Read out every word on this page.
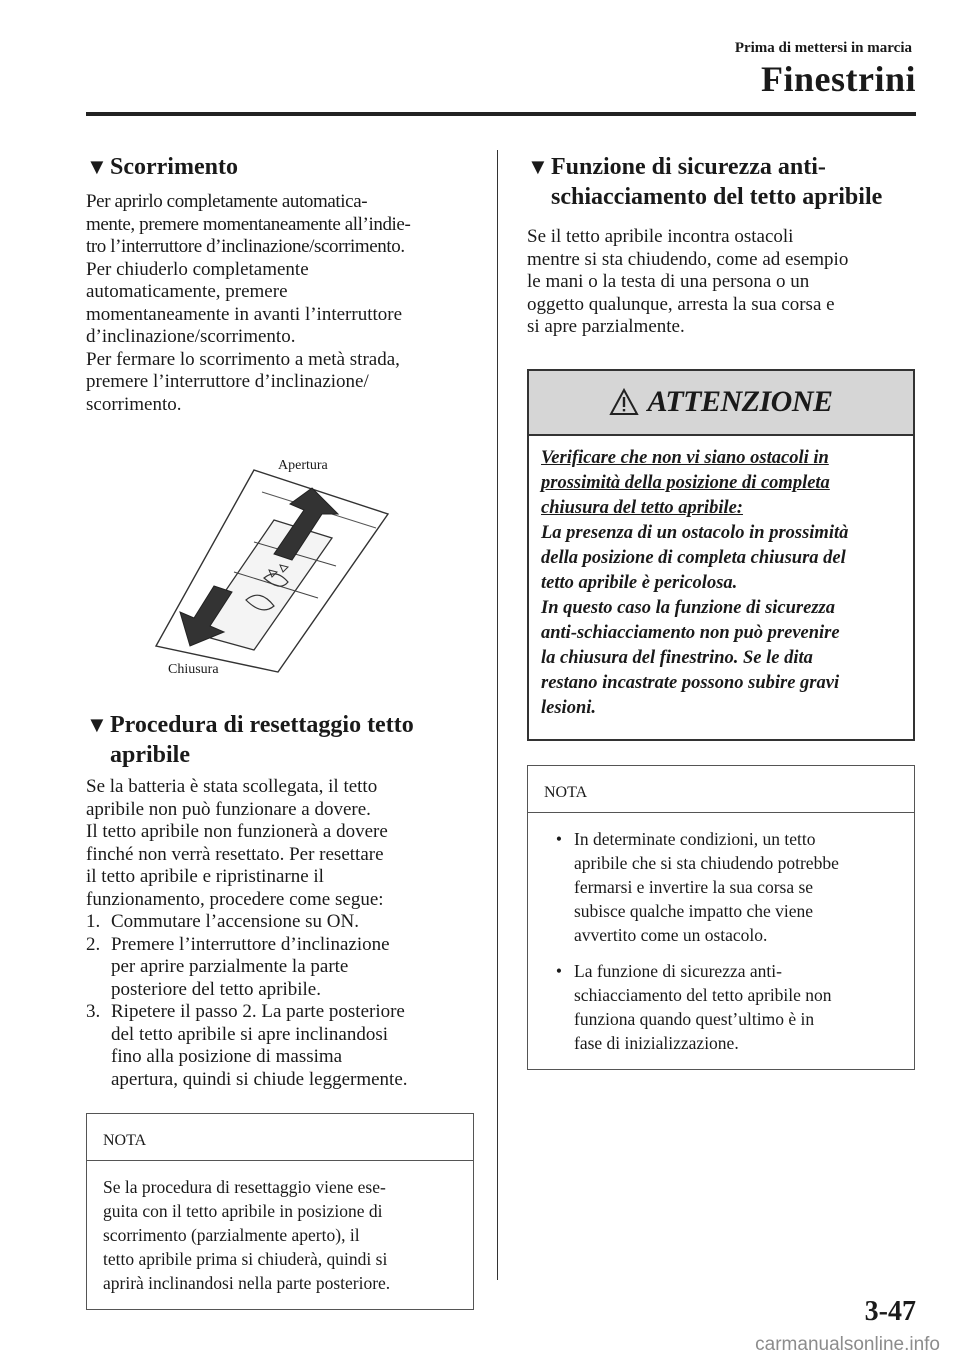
Prima di mettersi in marcia
Finestrini
▼ Scorrimento
Per aprirlo completamente automatica-
mente, premere momentaneamente all’indie-
tro l’interruttore d’inclinazione/scorrimento.
Per chiuderlo completamente
automaticamente, premere
momentaneamente in avanti l’interruttore
d’inclinazione/scorrimento.
Per fermare lo scorrimento a metà strada,
premere l’interruttore d’inclinazione/
scorrimento.
Apertura
Chiusura
▼ Procedura di resettaggio tetto
apribile
Se la batteria è stata scollegata, il tetto
apribile non può funzionare a dovere.
Il tetto apribile non funzionerà a dovere
finché non verrà resettato. Per resettare
il tetto apribile e ripristinarne il
funzionamento, procedere come segue:
1. Commutare l’accensione su ON.
2. Premere l’interruttore d’inclinazione
per aprire parzialmente la parte
posteriore del tetto apribile.
3. Ripetere il passo 2. La parte posteriore
del tetto apribile si apre inclinandosi
fino alla posizione di massima
apertura, quindi si chiude leggermente.
NOTA
Se la procedura di resettaggio viene ese-
guita con il tetto apribile in posizione di
scorrimento (parzialmente aperto), il
tetto apribile prima si chiuderà, quindi si
aprirà inclinandosi nella parte posteriore.
▼ Funzione di sicurezza anti-
schiacciamento del tetto apribile
Se il tetto apribile incontra ostacoli
mentre si sta chiudendo, come ad esempio
le mani o la testa di una persona o un
oggetto qualunque, arresta la sua corsa e
si apre parzialmente.
ATTENZIONE
Verificare che non vi siano ostacoli in
prossimità della posizione di completa
chiusura del tetto apribile:
La presenza di un ostacolo in prossimità
della posizione di completa chiusura del
tetto apribile è pericolosa.
In questo caso la funzione di sicurezza
anti-schiacciamento non può prevenire
la chiusura del finestrino. Se le dita
restano incastrate possono subire gravi
lesioni.
NOTA
• In determinate condizioni, un tetto
apribile che si sta chiudendo potrebbe
fermarsi e invertire la sua corsa se
subisce qualche impatto che viene
avvertito come un ostacolo.
• La funzione di sicurezza anti-
schiacciamento del tetto apribile non
funziona quando quest’ultimo è in
fase di inizializzazione.
3-47
carmanualsonline.info
